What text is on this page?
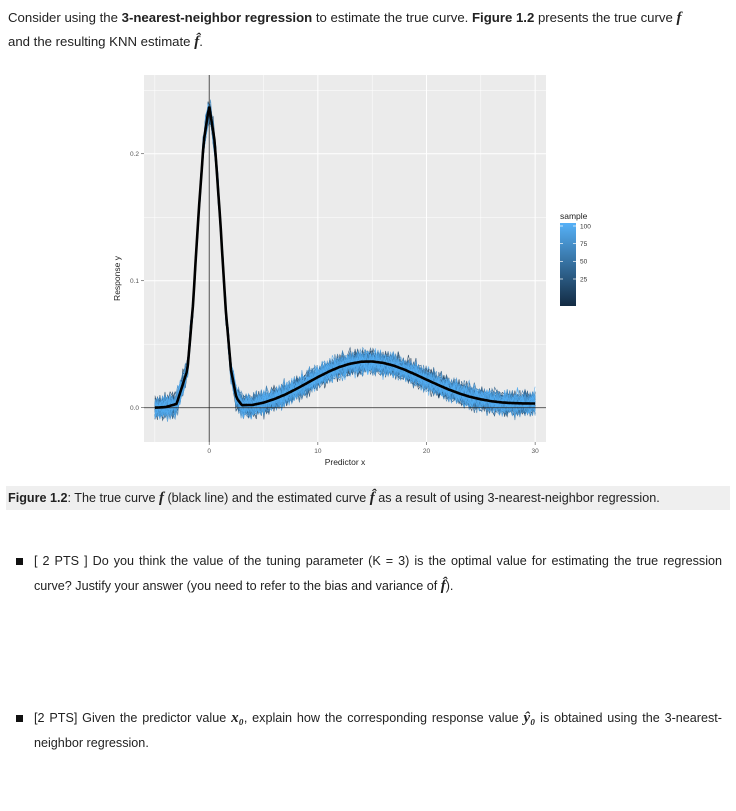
Consider using the 3-nearest-neighbor regression to estimate the true curve. Figure 1.2 presents the true curve f
and the resulting KNN estimate f̂.
0	10	20	30
0.0
0.1
0.2
Predictor x
Response y
sample
100
75
50
25
Figure 1.2: The true curve f (black line) and the estimated curve f̂ as a result of using 3-nearest-neighbor regression.
[ 2 PTS ] Do you think the value of the tuning parameter (K = 3) is the optimal value for estimating the true regression curve? Justify your answer (you need to refer to the bias and variance of f̂).
[2 PTS] Given the predictor value x₀, explain how the corresponding response value ŷ₀ is obtained using the 3-nearest-neighbor regression.
